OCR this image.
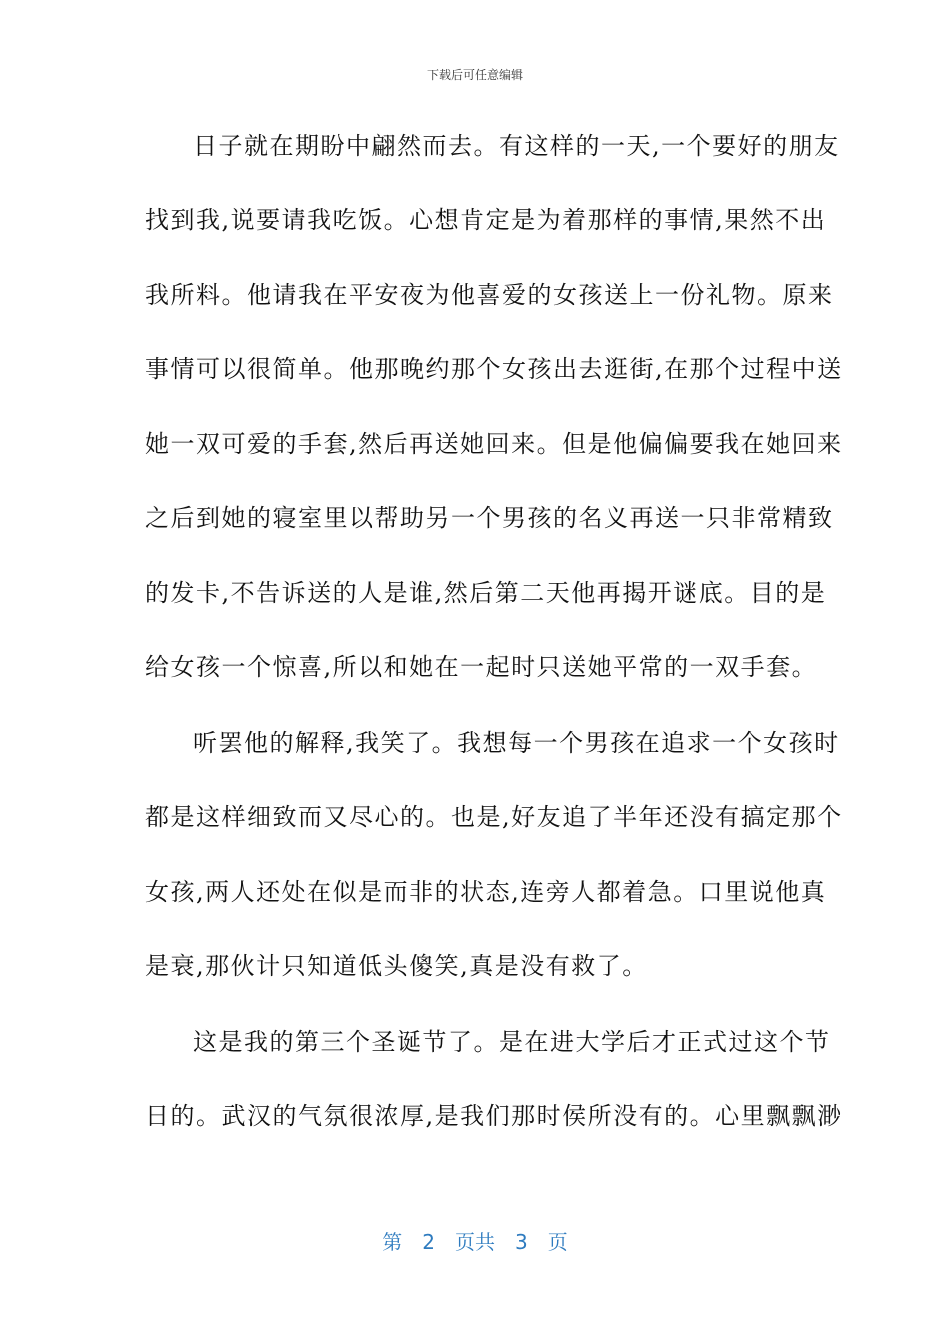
下载后可任意编辑
日子就在期盼中翩然而去。有这样的一天,一个要好的朋友
找到我,说要请我吃饭。心想肯定是为着那样的事情,果然不出
我所料。他请我在平安夜为他喜爱的女孩送上一份礼物。原来
事情可以很简单。他那晚约那个女孩出去逛街,在那个过程中送
她一双可爱的手套,然后再送她回来。但是他偏偏要我在她回来
之后到她的寝室里以帮助另一个男孩的名义再送一只非常精致
的发卡,不告诉送的人是谁,然后第二天他再揭开谜底。目的是
给女孩一个惊喜,所以和她在一起时只送她平常的一双手套。
听罢他的解释,我笑了。我想每一个男孩在追求一个女孩时
都是这样细致而又尽心的。也是,好友追了半年还没有搞定那个
女孩,两人还处在似是而非的状态,连旁人都着急。口里说他真
是衰,那伙计只知道低头傻笑,真是没有救了。
这是我的第三个圣诞节了。是在进大学后才正式过这个节
日的。武汉的气氛很浓厚,是我们那时侯所没有的。心里飘飘渺
第 2 页共 3 页
